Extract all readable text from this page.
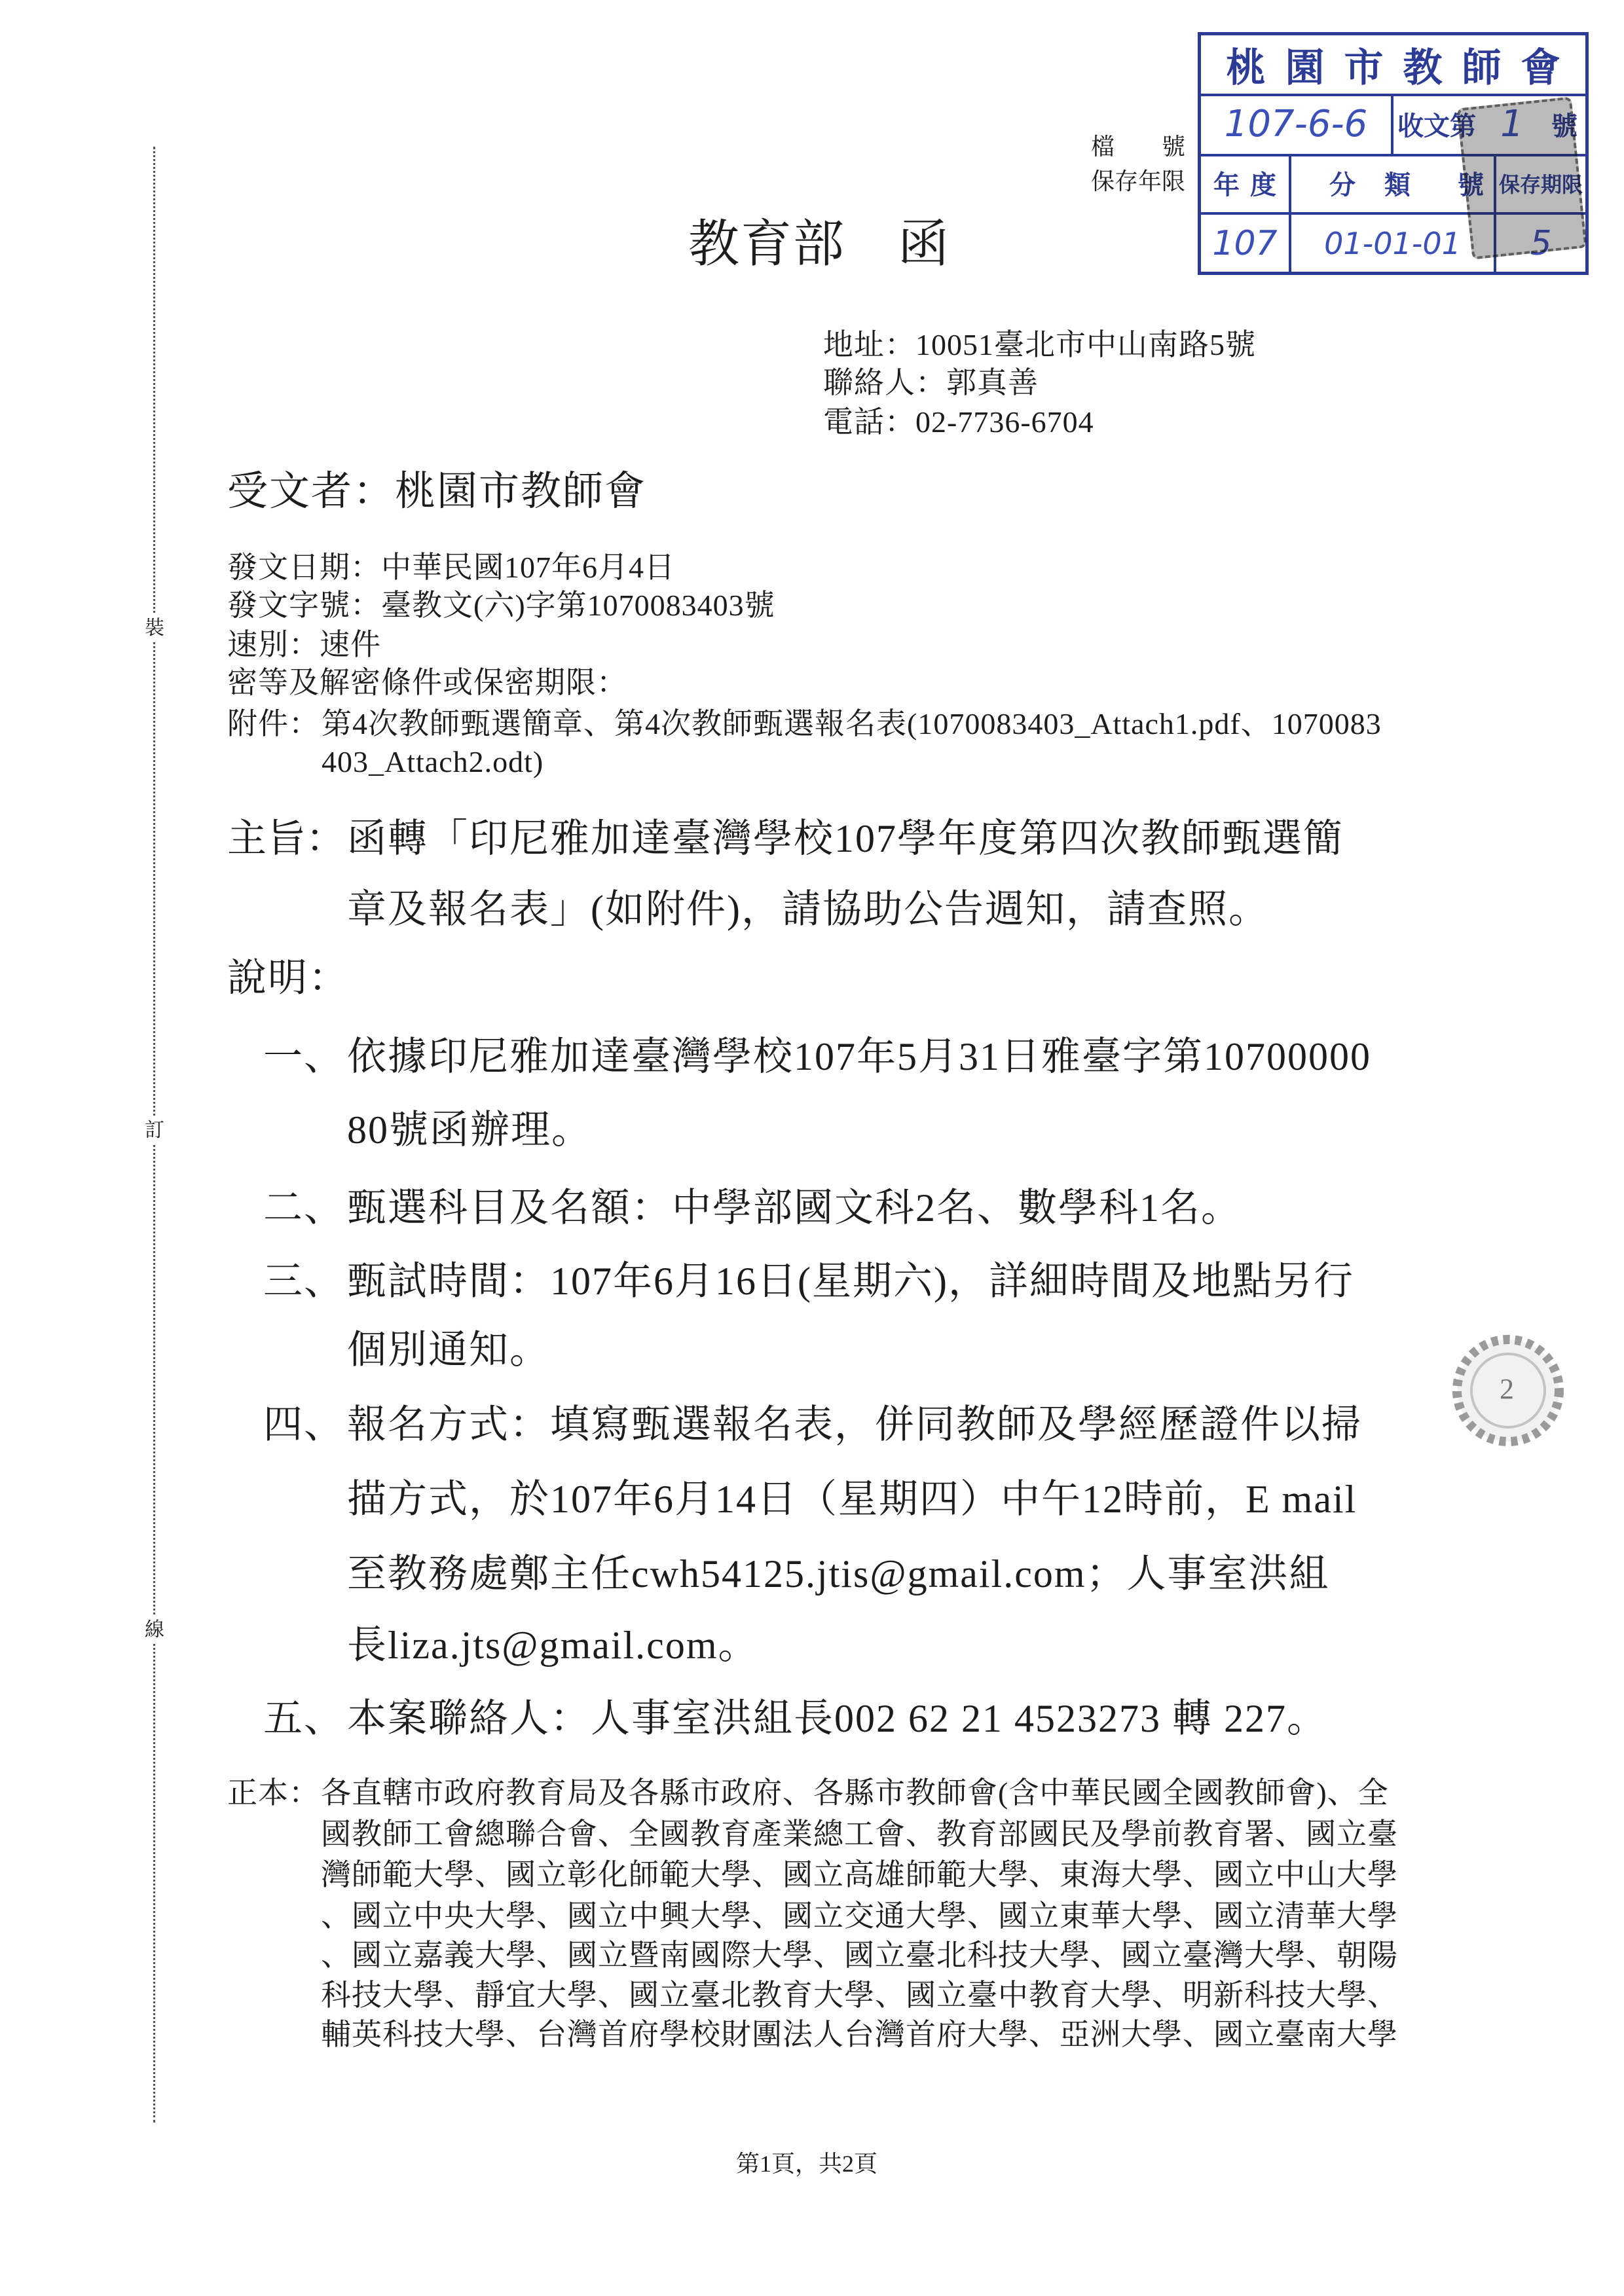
裝
訂
線
檔號
保存年限
桃園市教師會
107-6-6	收文第 1	號
年度	分類 號 保存期限
107	01-01-01	5
教育部　函
地址：10051臺北市中山南路5號
聯絡人：郭真善
電話：02-7736-6704
受文者：桃園市教師會
發文日期：中華民國107年6月4日
發文字號：臺教文(六)字第1070083403號
速別：速件
密等及解密條件或保密期限：
附件： 第4次教師甄選簡章、第4次教師甄選報名表(1070083403_Attach1.pdf、1070083
403_Attach2.odt)
主旨： 函轉「印尼雅加達臺灣學校107學年度第四次教師甄選簡
章及報名表」(如附件)，請協助公告週知，請查照。
說明：
一、 依據印尼雅加達臺灣學校107年5月31日雅臺字第10700000
80號函辦理。
二、 甄選科目及名額：中學部國文科2名、數學科1名。
三、 甄試時間：107年6月16日(星期六)，詳細時間及地點另行
個別通知。
四、 報名方式：填寫甄選報名表，併同教師及學經歷證件以掃
描方式，於107年6月14日（星期四）中午12時前，E mail
至教務處鄭主任cwh54125.jtis@gmail.com；人事室洪組
長liza.jts@gmail.com。
五、 本案聯絡人：人事室洪組長002 62 21 4523273 轉 227。
正本： 各直轄市政府教育局及各縣市政府、各縣市教師會(含中華民國全國教師會)、全
國教師工會總聯合會、全國教育產業總工會、教育部國民及學前教育署、國立臺
灣師範大學、國立彰化師範大學、國立高雄師範大學、東海大學、國立中山大學
、國立中央大學、國立中興大學、國立交通大學、國立東華大學、國立清華大學
、國立嘉義大學、國立暨南國際大學、國立臺北科技大學、國立臺灣大學、朝陽
科技大學、靜宜大學、國立臺北教育大學、國立臺中教育大學、明新科技大學、
輔英科技大學、台灣首府學校財團法人台灣首府大學、亞洲大學、國立臺南大學
2
第1頁，共2頁
